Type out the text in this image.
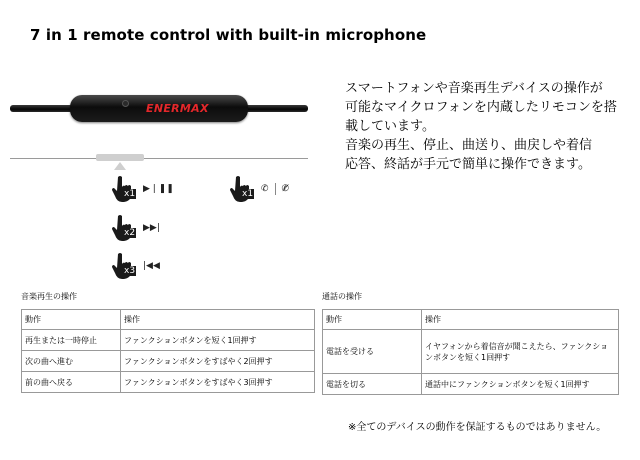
7 in 1 remote control with built-in microphone
ENERMAX
x1 ▶ | ❚❚	x1 ✆ ✆̸
x2 ▶▶|
x3 |◀◀
スマートフォンや音楽再生デバイスの操作が
可能なマイクロフォンを内蔵したリモコンを搭
載しています。
音楽の再生、停止、曲送り、曲戻しや着信
応答、終話が手元で簡単に操作できます。
音楽再生の操作
動作	操作
再生または一時停止	ファンクションボタンを短く1回押す
次の曲へ進む	ファンクションボタンをすばやく2回押す
前の曲へ戻る	ファンクションボタンをすばやく3回押す
通話の操作
動作	操作
電話を受ける	イヤフォンから着信音が聞こえたら、ファンクションボタンを短く1回押す
電話を切る	通話中にファンクションボタンを短く1回押す
※全てのデバイスの動作を保証するものではありません。
